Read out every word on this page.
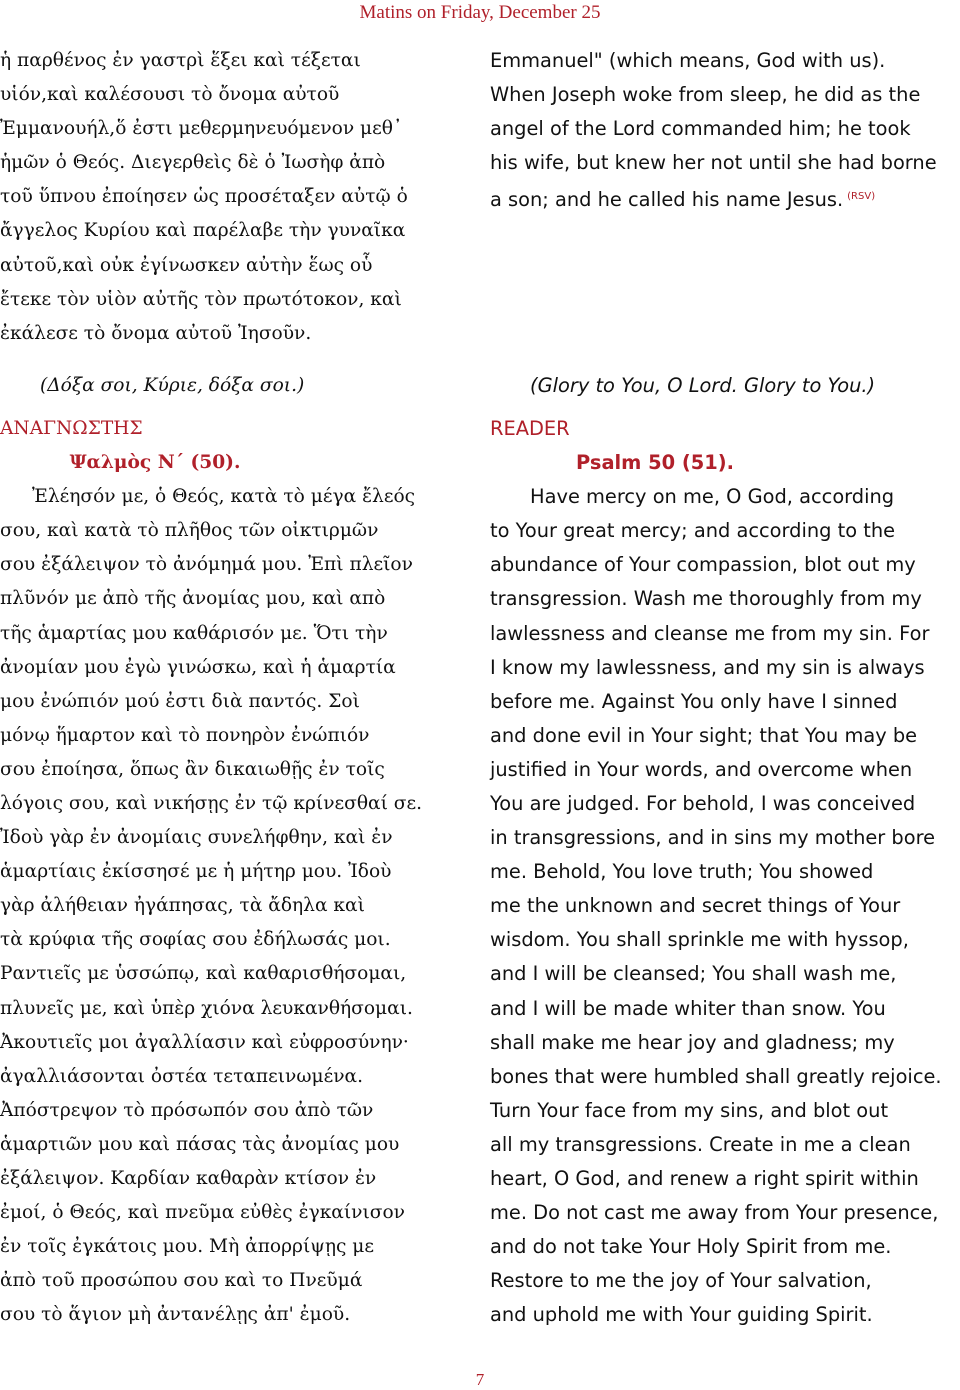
Matins on Friday, December 25
ἡ παρθένος ἐν γαστρὶ ἕξει καὶ τέξεται
υἱόν,καὶ καλέσουσι τὸ ὄνομα αὐτοῦ
Ἐμμανουήλ,ὅ ἐστι μεθερμηνευόμενον μεθ᾿
ἡμῶν ὁ Θεός. Διεγερθεὶς δὲ ὁ Ἰωσὴφ ἀπὸ
τοῦ ὕπνου ἐποίησεν ὡς προσέταξεν αὐτῷ ὁ
ἄγγελος Κυρίου καὶ παρέλαβε τὴν γυναῖκα
αὐτοῦ,καὶ οὐκ ἐγίνωσκεν αὐτὴν ἕως οὗ
ἔτεκε τὸν υἱὸν αὐτῆς τὸν πρωτότοκον, καὶ
ἐκάλεσε τὸ ὄνομα αὐτοῦ Ἰησοῦν.
(Δόξα σοι, Κύριε, δόξα σοι.)
ΑΝΑΓΝΩΣΤΗΣ
Ψαλμὸς Ν΄ (50).
Ἐλέησόν με, ὁ Θεός, κατὰ τὸ μέγα ἔλεός
σου, καὶ κατὰ τὸ πλῆθος τῶν οἰκτιρμῶν
σου ἐξάλειψον τὸ ἀνόμημά μου. Ἐπὶ πλεῖον
πλῦνόν με ἀπὸ τῆς ἀνομίας μου, καὶ απὸ
τῆς ἁμαρτίας μου καθάρισόν με. Ὅτι τὴν
ἀνομίαν μου ἐγὼ γινώσκω, καὶ ἡ ἁμαρτία
μου ἐνώπιόν μού ἐστι διὰ παντός. Σοὶ
μόνῳ ἥμαρτον καὶ τὸ πονηρὸν ἐνώπιόν
σου ἐποίησα, ὅπως ἂν δικαιωθῇς ἐν τοῖς
λόγοις σου, καὶ νικήσῃς ἐν τῷ κρίνεσθαί σε.
Ἰδοὺ γὰρ ἐν ἀνομίαις συνελήφθην, καὶ ἐν
ἁμαρτίαις ἐκίσσησέ με ἡ μήτηρ μου. Ἰδοὺ
γὰρ ἀλήθειαν ἠγάπησας, τὰ ἄδηλα καὶ
τὰ κρύφια τῆς σοφίας σου ἐδήλωσάς μοι.
Ραντιεῖς με ὑσσώπῳ, καὶ καθαρισθήσομαι,
πλυνεῖς με, καὶ ὑπὲρ χιόνα λευκανθήσομαι.
Ἀκουτιεῖς μοι ἀγαλλίασιν καὶ εὐφροσύνην·
ἀγαλλιάσονται ὀστέα τεταπεινωμένα.
Ἀπόστρεψον τὸ πρόσωπόν σου ἀπὸ τῶν
ἁμαρτιῶν μου καὶ πάσας τὰς ἀνομίας μου
ἐξάλειψον. Καρδίαν καθαρὰν κτίσον ἐν
ἐμοί, ὁ Θεός, καὶ πνεῦμα εὐθὲς ἐγκαίνισον
ἐν τοῖς ἐγκάτοις μου. Μὴ ἀπορρίψῃς με
ἀπὸ τοῦ προσώπου σου καὶ το Πνεῦμά
σου τὸ ἅγιον μὴ ἀντανέλῃς ἀπ' ἐμοῦ.
Emmanuel" (which means, God with us).
When Joseph woke from sleep, he did as the
angel of the Lord commanded him; he took
his wife, but knew her not until she had borne
a son; and he called his name Jesus. $^{(RSV)}$
(Glory to You, O Lord. Glory to You.)
READER
Psalm 50 (51).
Have mercy on me, O God, according
to Your great mercy; and according to the
abundance of Your compassion, blot out my
transgression. Wash me thoroughly from my
lawlessness and cleanse me from my sin. For
I know my lawlessness, and my sin is always
before me. Against You only have I sinned
and done evil in Your sight; that You may be
justified in Your words, and overcome when
You are judged. For behold, I was conceived
in transgressions, and in sins my mother bore
me. Behold, You love truth; You showed
me the unknown and secret things of Your
wisdom. You shall sprinkle me with hyssop,
and I will be cleansed; You shall wash me,
and I will be made whiter than snow. You
shall make me hear joy and gladness; my
bones that were humbled shall greatly rejoice.
Turn Your face from my sins, and blot out
all my transgressions. Create in me a clean
heart, O God, and renew a right spirit within
me. Do not cast me away from Your presence,
and do not take Your Holy Spirit from me.
Restore to me the joy of Your salvation,
and uphold me with Your guiding Spirit.
7
